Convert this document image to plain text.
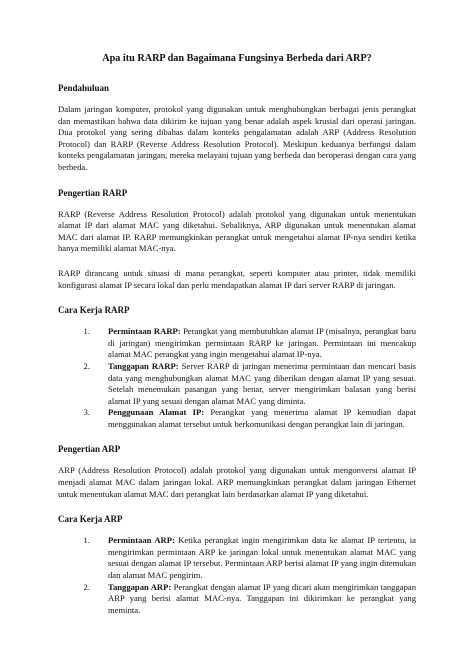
Apa itu RARP dan Bagaimana Fungsinya Berbeda dari ARP?
Pendahuluan
Dalam jaringan komputer, protokol yang digunakan untuk menghubungkan berbagai jenis perangkat dan memastikan bahwa data dikirim ke tujuan yang benar adalah aspek krusial dari operasi jaringan. Dua protokol yang sering dibahas dalam konteks pengalamatan adalah ARP (Address Resolution Protocol) dan RARP (Reverse Address Resolution Protocol). Meskipun keduanya berfungsi dalam konteks pengalamatan jaringan, mereka melayani tujuan yang berbeda dan beroperasi dengan cara yang berbeda.
Pengertian RARP
RARP (Reverse Address Resolution Protocol) adalah protokol yang digunakan untuk menentukan alamat IP dari alamat MAC yang diketahui. Sebaliknya, ARP digunakan untuk menentukan alamat MAC dari alamat IP. RARP memungkinkan perangkat untuk mengetahui alamat IP-nya sendiri ketika hanya memiliki alamat MAC-nya.
RARP dirancang untuk situasi di mana perangkat, seperti komputer atau printer, tidak memiliki konfigurasi alamat IP secara lokal dan perlu mendapatkan alamat IP dari server RARP di jaringan.
Cara Kerja RARP
1. Permintaan RARP: Perangkat yang membutuhkan alamat IP (misalnya, perangkat baru di jaringan) mengirimkan permintaan RARP ke jaringan. Permintaan ini mencakup alamat MAC perangkat yang ingin mengetahui alamat IP-nya.
2. Tanggapan RARP: Server RARP di jaringan menerima permintaan dan mencari basis data yang menghubungkan alamat MAC yang diberikan dengan alamat IP yang sesuai. Setelah menemukan pasangan yang benar, server mengirimkan balasan yang berisi alamat IP yang sesuai dengan alamat MAC yang diminta.
3. Penggunaan Alamat IP: Perangkat yang menerima alamat IP kemudian dapat menggunakan alamat tersebut untuk berkomunikasi dengan perangkat lain di jaringan.
Pengertian ARP
ARP (Address Resolution Protocol) adalah protokol yang digunakan untuk mengonversi alamat IP menjadi alamat MAC dalam jaringan lokal. ARP memungkinkan perangkat dalam jaringan Ethernet untuk menentukan alamat MAC dari perangkat lain berdasarkan alamat IP yang diketahui.
Cara Kerja ARP
1. Permintaan ARP: Ketika perangkat ingin mengirimkan data ke alamat IP tertentu, ia mengirimkan permintaan ARP ke jaringan lokal untuk menentukan alamat MAC yang sesuai dengan alamat IP tersebut. Permintaan ARP berisi alamat IP yang ingin ditemukan dan alamat MAC pengirim.
2. Tanggapan ARP: Perangkat dengan alamat IP yang dicari akan mengirimkan tanggapan ARP yang berisi alamat MAC-nya. Tanggapan ini dikirimkan ke perangkat yang meminta.
